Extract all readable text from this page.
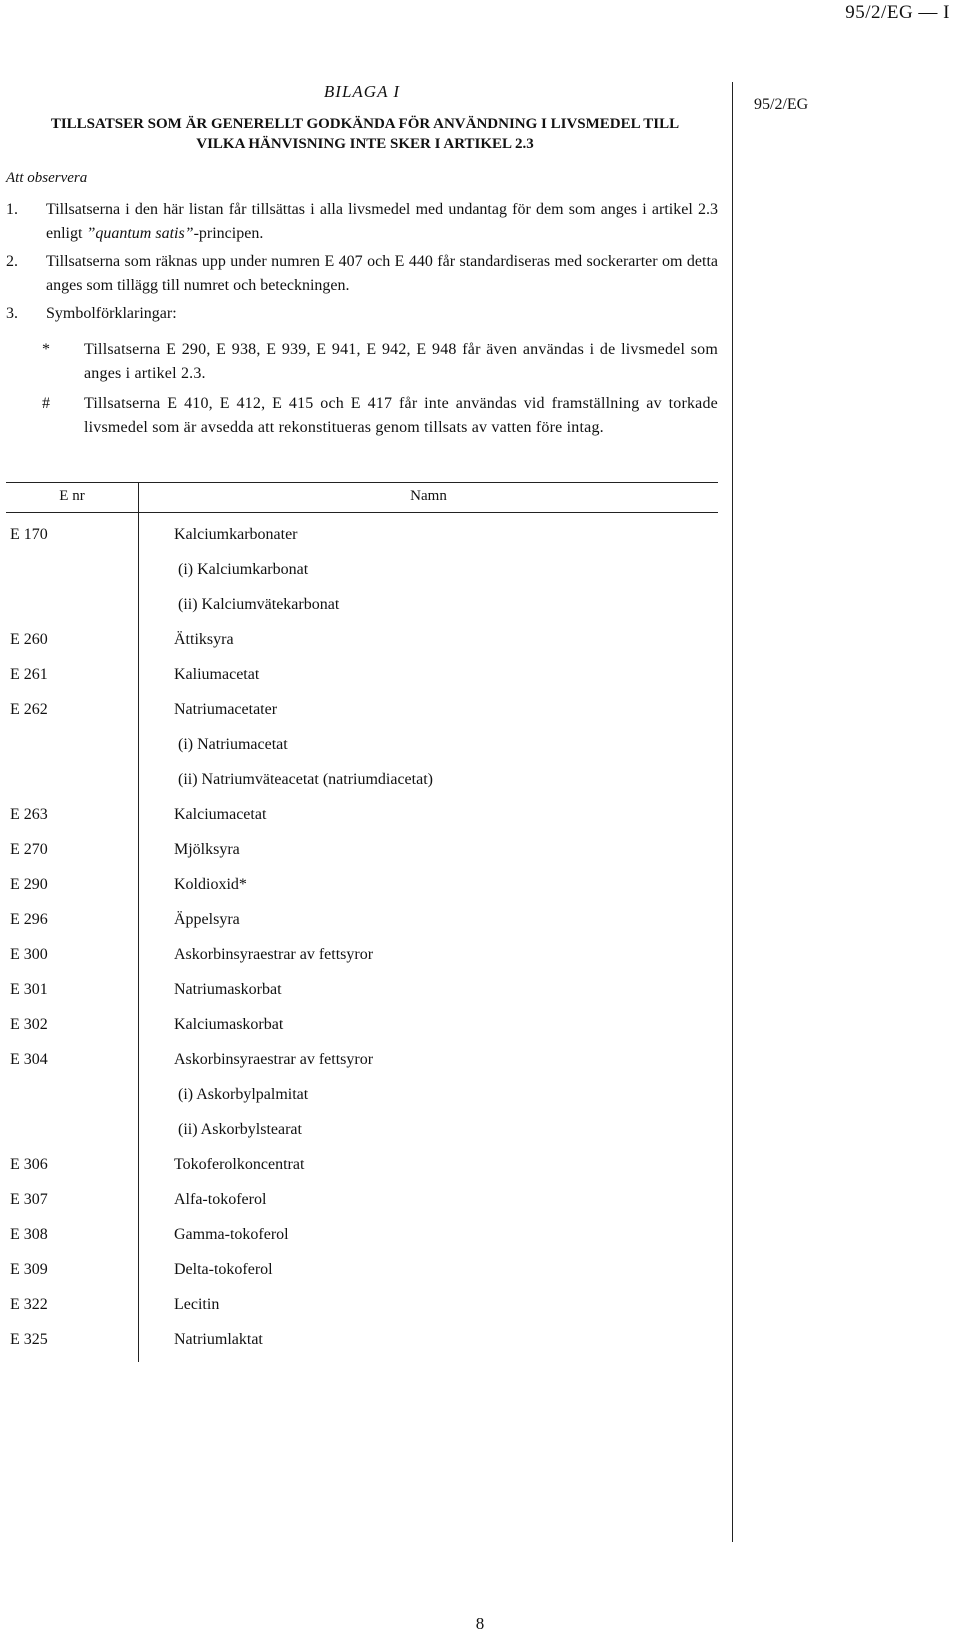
95/2/EG — I
95/2/EG
BILAGA I
TILLSATSER SOM ÄR GENERELLT GODKÄNDA FÖR ANVÄNDNING I LIVSMEDEL TILL
VILKA HÄNVISNING INTE SKER I ARTIKEL 2.3
Att observera
1. Tillsatserna i den här listan får tillsättas i alla livsmedel med undantag för dem som anges i artikel 2.3 enligt ”quantum satis”-principen.
2. Tillsatserna som räknas upp under numren E 407 och E 440 får standardiseras med sockerarter om detta anges som tillägg till numret och beteckningen.
3. Symbolförklaringar:
* Tillsatserna E 290, E 938, E 939, E 941, E 942, E 948 får även användas i de livsmedel som anges i artikel 2.3.
# Tillsatserna E 410, E 412, E 415 och E 417 får inte användas vid framställning av torkade livsmedel som är avsedda att rekonstitueras genom tillsats av vatten före intag.
E nr	Namn
E 170	Kalciumkarbonater
(i) Kalciumkarbonat
(ii) Kalciumvätekarbonat
E 260	Ättiksyra
E 261	Kaliumacetat
E 262	Natriumacetater
(i) Natriumacetat
(ii) Natriumväteacetat (natriumdiacetat)
E 263	Kalciumacetat
E 270	Mjölksyra
E 290	Koldioxid*
E 296	Äppelsyra
E 300	Askorbinsyraestrar av fettsyror
E 301	Natriumaskorbat
E 302	Kalciumaskorbat
E 304	Askorbinsyraestrar av fettsyror
(i) Askorbylpalmitat
(ii) Askorbylstearat
E 306	Tokoferolkoncentrat
E 307	Alfa-tokoferol
E 308	Gamma-tokoferol
E 309	Delta-tokoferol
E 322	Lecitin
E 325	Natriumlaktat
8
